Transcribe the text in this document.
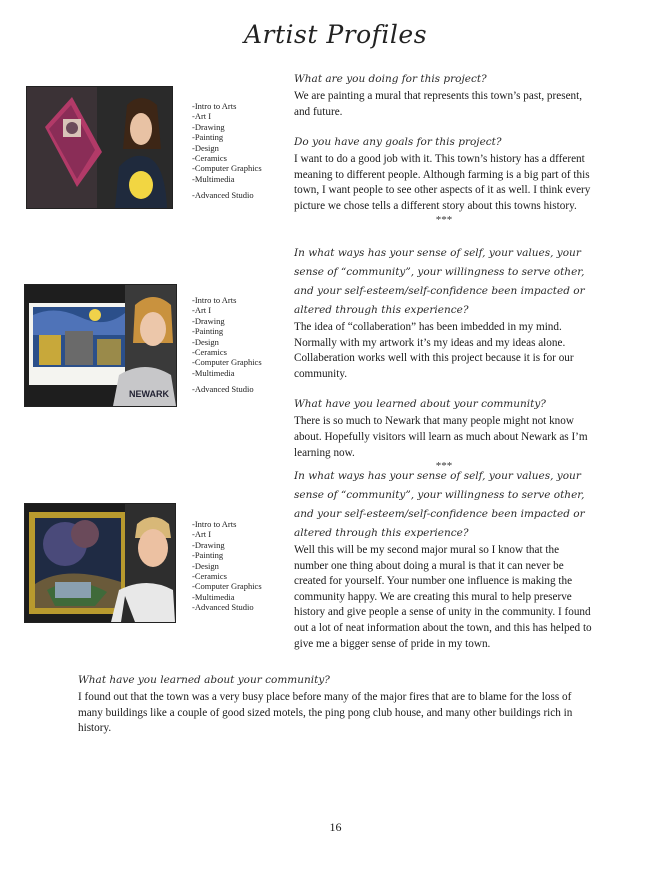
Artist Profiles
-Intro to Arts
-Art I
-Drawing
-Painting
-Design
-Ceramics
-Computer Graphics
-Multimedia
-Advanced Studio
What are you doing for this project?
We are painting a mural that represents this town’s past, present, and future.
Do you have any goals for this project?
I want to do a good job with it. This town’s history has a dfferent meaning to different people. Although farming is a big part of this town, I want people to see other aspects of it as well. I think every picture we chose tells a different story about this towns history.
***
NEWARK
-Intro to Arts
-Art I
-Drawing
-Painting
-Design
-Ceramics
-Computer Graphics
-Multimedia
-Advanced Studio
In what ways has your sense of self, your values, your sense of “community”, your willingness to serve other, and your self-esteem/self-confidence been impacted or altered through this experience?
The idea of “collaberation” has been imbedded in my mind. Normally with my artwork it’s my ideas and my ideas alone. Collaberation works well with this project because it is for our community.
What have you learned about your community?
There is so much to Newark that many people might not know about. Hopefully visitors will learn as much about Newark as I’m learning now.
***
-Intro to Arts
-Art I
-Drawing
-Painting
-Design
-Ceramics
-Computer Graphics
-Multimedia
-Advanced Studio
In what ways has your sense of self, your values, your sense of “community”, your willingness to serve other, and your self-esteem/self-confidence been impacted or altered through this experience?
Well this will be my second major mural so I know that the number one thing about doing a mural is that it can never be created for yourself. Your number one influence is making the community happy. We are creating this mural to help preserve history and give people a sense of unity in the community. I found out a lot of neat information about the town, and this has helped to give me a bigger sense of pride in my town.
What have you learned about your community?
I found out that the town was a very busy place before many of the major fires that are to blame for the loss of many buildings like a couple of good sized motels, the ping pong club house, and many other buildings rich in history.
16
